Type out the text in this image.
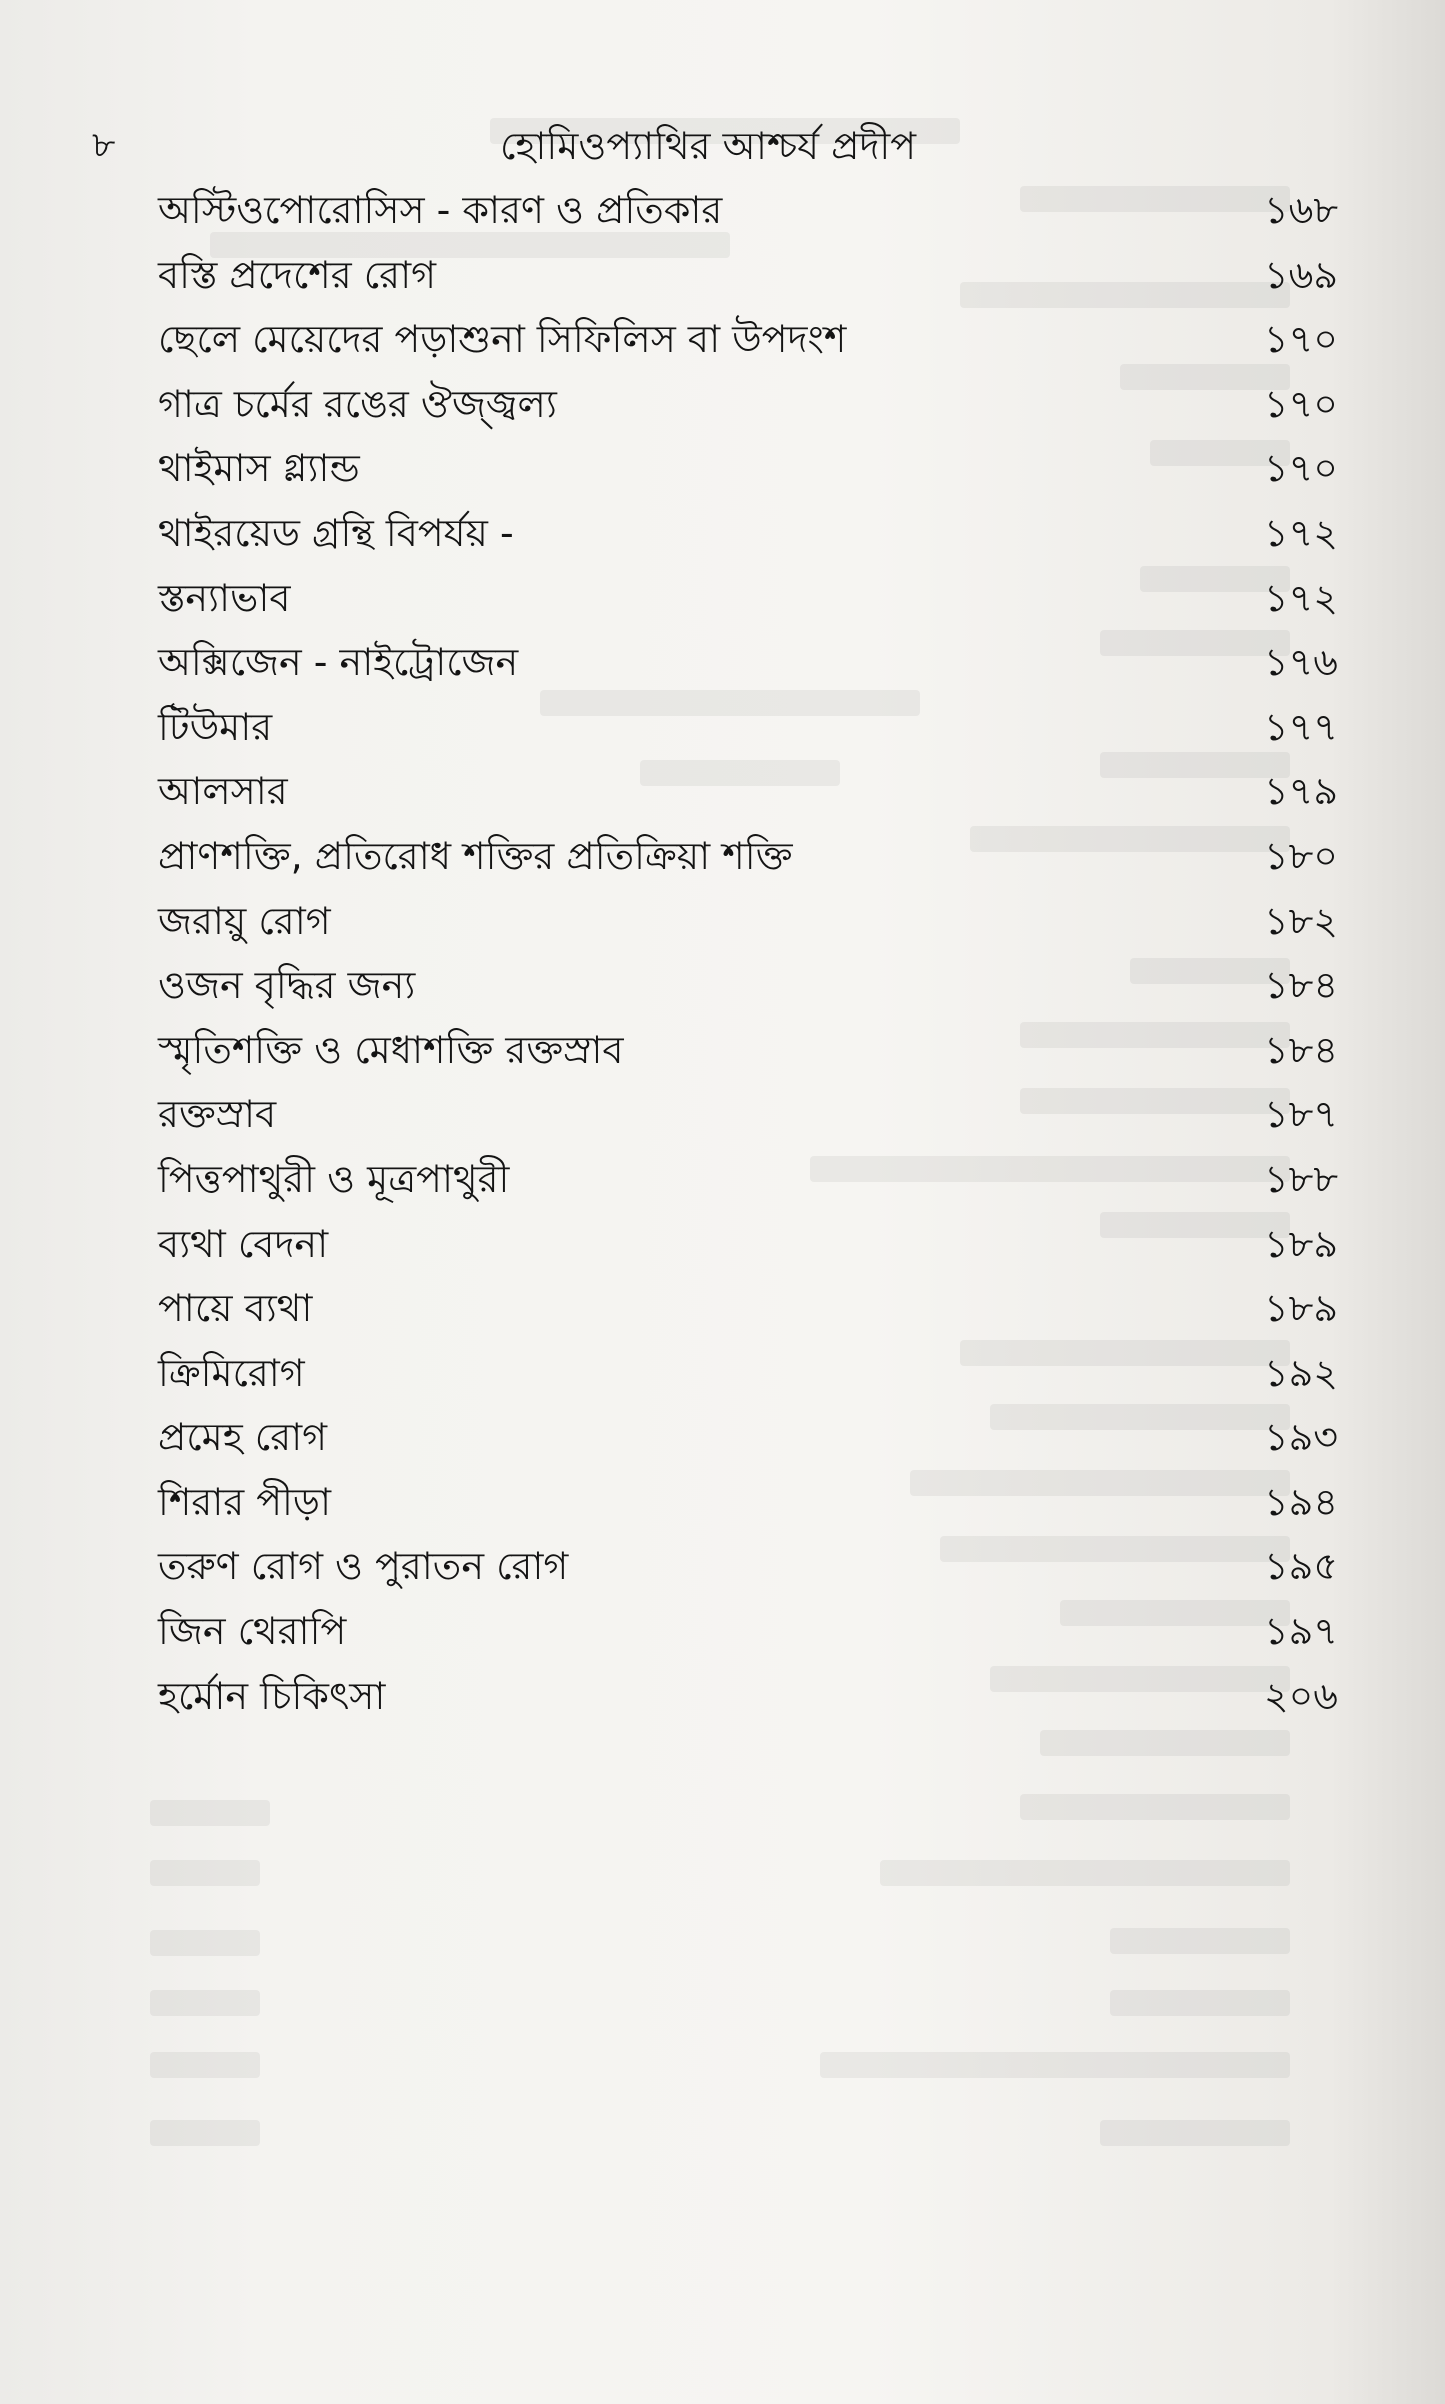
৮	হোমিওপ্যাথির আশ্চর্য প্রদীপ
অস্টিওপোরোসিস - কারণ ও প্রতিকার	১৬৮
বস্তি প্রদেশের রোগ	১৬৯
ছেলে মেয়েদের পড়াশুনা সিফিলিস বা উপদংশ	১৭০
গাত্র চর্মের রঙের ঔজ্জ্বল্য	১৭০
থাইমাস গ্ল্যান্ড	১৭০
থাইরয়েড গ্রন্থি বিপর্যয় -	১৭২
স্তন্যাভাব	১৭২
অক্সিজেন - নাইট্রোজেন	১৭৬
টিউমার	১৭৭
আলসার	১৭৯
প্রাণশক্তি, প্রতিরোধ শক্তির প্রতিক্রিয়া শক্তি	১৮০
জরায়ু রোগ	১৮২
ওজন বৃদ্ধির জন্য	১৮৪
স্মৃতিশক্তি ও মেধাশক্তি রক্তস্রাব	১৮৪
রক্তস্রাব	১৮৭
পিত্তপাথুরী ও মূত্রপাথুরী	১৮৮
ব্যথা বেদনা	১৮৯
পায়ে ব্যথা	১৮৯
ক্রিমিরোগ	১৯২
প্রমেহ রোগ	১৯৩
শিরার পীড়া	১৯৪
তরুণ রোগ ও পুরাতন রোগ	১৯৫
জিন থেরাপি	১৯৭
হর্মোন চিকিৎসা	২০৬
